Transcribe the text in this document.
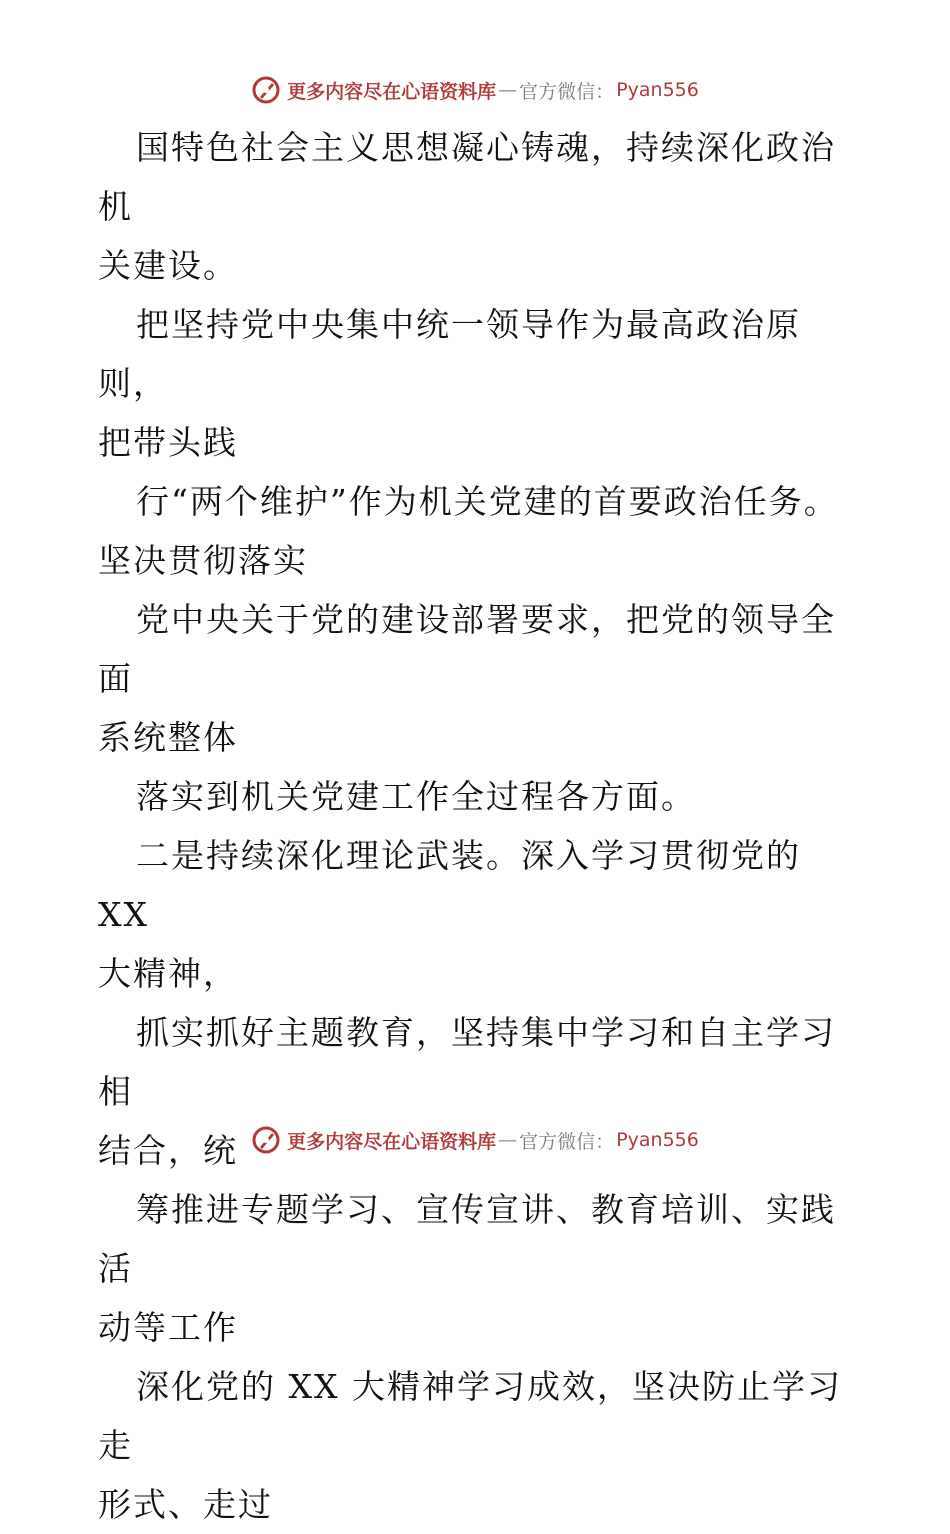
更多内容尽在心语资料库 — 官方微信： Pyan556

国特色社会主义思想凝心铸魂，持续深化政治机

关建设。

把坚持党中央集中统一领导作为最高政治原则，

把带头践

行“两个维护”作为机关党建的首要政治任务。

坚决贯彻落实

党中央关于党的建设部署要求，把党的领导全面

系统整体

落实到机关党建工作全过程各方面。

二是持续深化理论武装。深入学习贯彻党的 XX

大精神，

抓实抓好主题教育，坚持集中学习和自主学习相

结合，统

筹推进专题学习、宣传宣讲、教育培训、实践活

动等工作

深化党的 XX 大精神学习成效，坚决防止学习走

形式、走过

更多内容尽在心语资料库 — 官方微信： Pyan556
